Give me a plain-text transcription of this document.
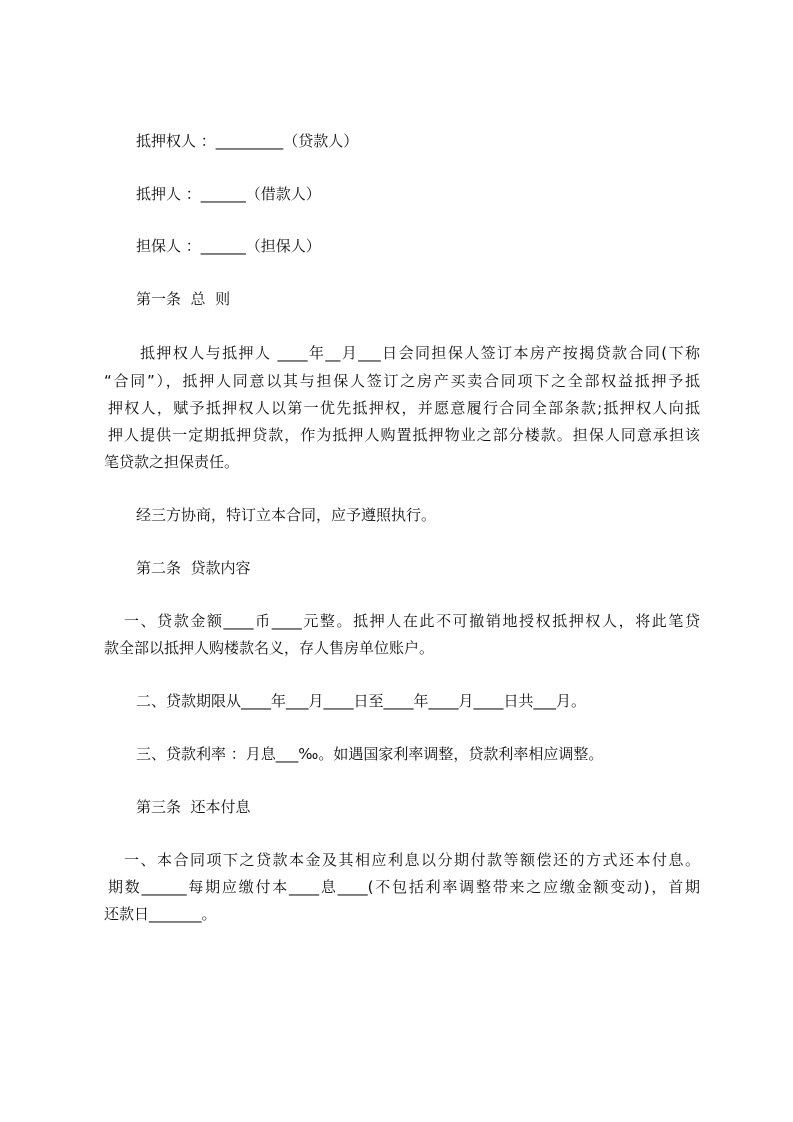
抵押权人 ：_________（贷款人）
抵押人 ：______（借款人）
担保人 ：______（担保人）
第一条  总  则
抵押权人与抵押人 ____年__月___日会同担保人签订本房产按揭贷款合同(下称
“合同”），抵押人同意以其与担保人签订之房产买卖合同项下之全部权益抵押予抵
押权人，赋予抵押权人以第一优先抵押权，并愿意履行合同全部条款;抵押权人向抵
押人提供一定期抵押贷款，作为抵押人购置抵押物业之部分楼款。担保人同意承担该
笔贷款之担保责任。
经三方协商，特订立本合同，应予遵照执行。
第二条  贷款内容
一、贷款金额____币____元整。抵押人在此不可撤销地授权抵押权人，将此笔贷
款全部以抵押人购楼款名义，存人售房单位账户。
二、贷款期限从____年___月____日至____年____月____日共___月。
三、贷款利率 ：月息___‰。如遇国家利率调整，贷款利率相应调整。
第三条  还本付息
一、本合同项下之贷款本金及其相应利息以分期付款等额偿还的方式还本付息。
期数______每期应缴付本____息____(不包括利率调整带来之应缴金额变动)，首期
还款日_______。
